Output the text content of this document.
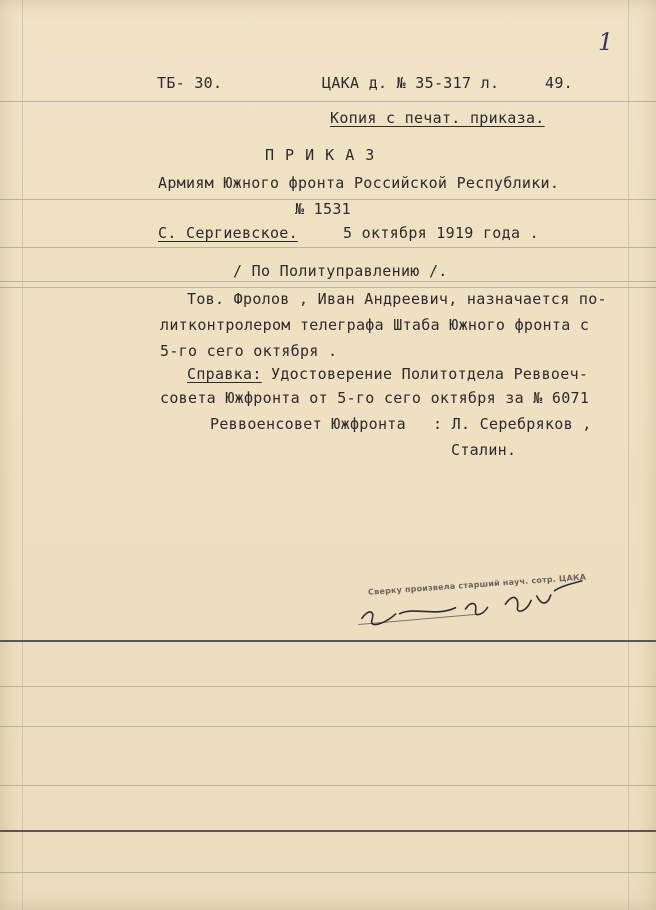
1
ТБ- 30.	ЦАКА д. № 35-317 л.	49.
Копия с печат. приказа.
П Р И К А З
Армиям Южного фронта Российской Республики.
№ 1531
С. Сергиевское.	5 октября 1919 года .
/ По Политуправлению /.
Тов. Фролов , Иван Андреевич, назначается по-
литконтролером телеграфа Штаба Южного фронта с
5-го сего октября .
Справка: Удостоверение Политотдела Реввоеч-
совета Южфронта от 5-го сего октября за № 6071
Реввоенсовет Южфронта : Л. Серебряков ,
Сталин.
Сверку произвела старший науч. сотр. ЦАКА
